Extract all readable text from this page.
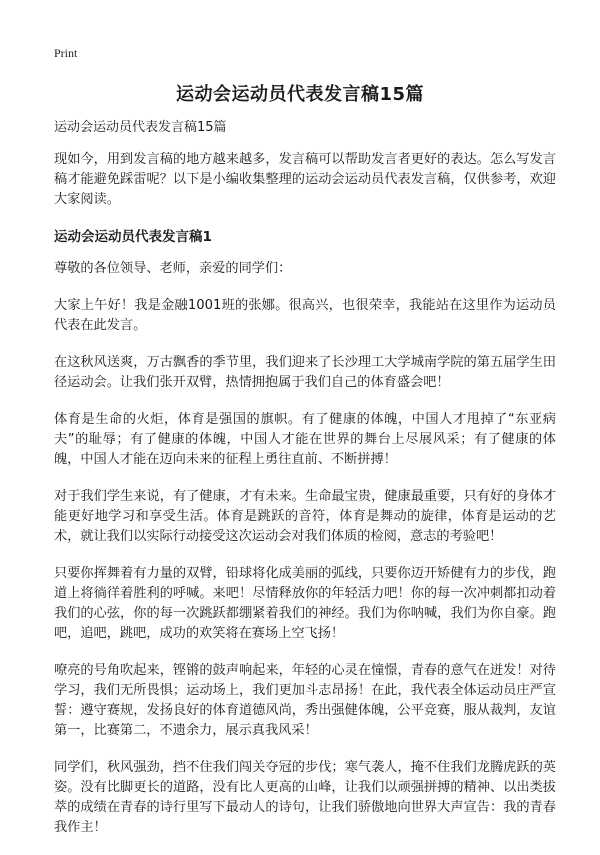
Print
运动会运动员代表发言稿15篇

运动会运动员代表发言稿15篇

现如今，用到发言稿的地方越来越多，发言稿可以帮助发言者更好的表达。怎么写发言稿才能避免踩雷呢？以下是小编收集整理的运动会运动员代表发言稿，仅供参考，欢迎大家阅读。

运动会运动员代表发言稿1

尊敬的各位领导、老师，亲爱的同学们：

大家上午好！我是金融1001班的张娜。很高兴，也很荣幸，我能站在这里作为运动员代表在此发言。

在这秋风送爽，万古飘香的季节里，我们迎来了长沙理工大学城南学院的第五届学生田径运动会。让我们张开双臂，热情拥抱属于我们自己的体育盛会吧！

体育是生命的火炬，体育是强国的旗帜。有了健康的体魄，中国人才甩掉了“东亚病夫”的耻辱；有了健康的体魄，中国人才能在世界的舞台上尽展风采；有了健康的体魄，中国人才能在迈向未来的征程上勇往直前、不断拼搏！

对于我们学生来说，有了健康，才有未来。生命最宝贵，健康最重要，只有好的身体才能更好地学习和享受生活。体育是跳跃的音符，体育是舞动的旋律，体育是运动的艺术，就让我们以实际行动接受这次运动会对我们体质的检阅，意志的考验吧！

只要你挥舞着有力量的双臂，铅球将化成美丽的弧线，只要你迈开矫健有力的步伐，跑道上将徜徉着胜利的呼喊。来吧！尽情释放你的年轻活力吧！你的每一次冲刺都扣动着我们的心弦，你的每一次跳跃都绷紧着我们的神经。我们为你呐喊，我们为你自豪。跑吧，追吧，跳吧，成功的欢笑将在赛场上空飞扬！

嘹亮的号角吹起来，铿锵的鼓声响起来，年轻的心灵在憧憬，青春的意气在迸发！对待学习，我们无所畏惧；运动场上，我们更加斗志昂扬！在此，我代表全体运动员庄严宣誓：遵守赛规，发扬良好的体育道德风尚，秀出强健体魄，公平竞赛，服从裁判，友谊第一，比赛第二，不遗余力，展示真我风采！

同学们，秋风强劲，挡不住我们闯关夺冠的步伐；寒气袭人，掩不住我们龙腾虎跃的英姿。没有比脚更长的道路，没有比人更高的山峰，让我们以顽强拼搏的精神、以出类拔萃的成绩在青春的诗行里写下最动人的诗句，让我们骄傲地向世界大声宣告：我的青春我作主！
